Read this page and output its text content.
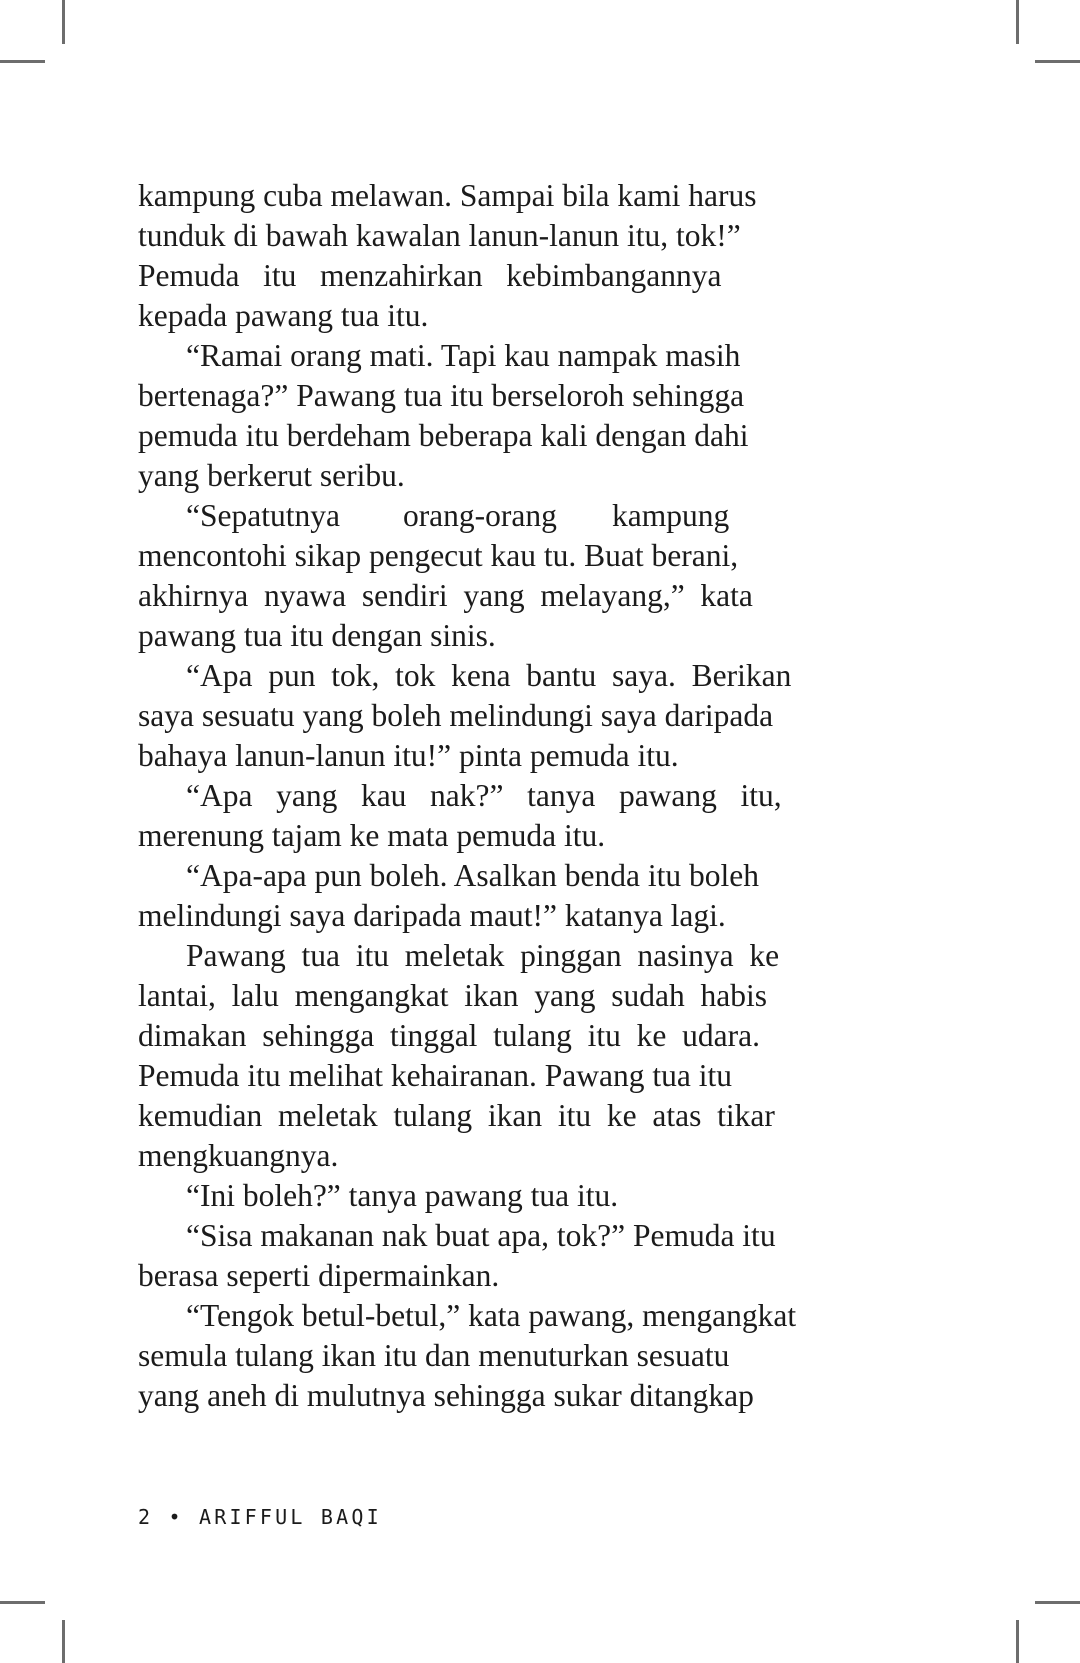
kampung cuba melawan. Sampai bila kami harus
tunduk di bawah kawalan lanun-lanun itu, tok!”
Pemuda   itu   menzahirkan   kebimbangannya
kepada pawang tua itu.
“Ramai orang mati. Tapi kau nampak masih
bertenaga?” Pawang tua itu berseloroh sehingga
pemuda itu berdeham beberapa kali dengan dahi
yang berkerut seribu.
“Sepatutnya        orang-orang       kampung
mencontohi sikap pengecut kau tu. Buat berani,
akhirnya  nyawa  sendiri  yang  melayang,”  kata
pawang tua itu dengan sinis.
“Apa  pun  tok,  tok  kena  bantu  saya.  Berikan
saya sesuatu yang boleh melindungi saya daripada
bahaya lanun-lanun itu!” pinta pemuda itu.
“Apa   yang   kau   nak?”   tanya   pawang   itu,
merenung tajam ke mata pemuda itu.
“Apa-apa pun boleh. Asalkan benda itu boleh
melindungi saya daripada maut!” katanya lagi.
Pawang  tua  itu  meletak  pinggan  nasinya  ke
lantai,  lalu  mengangkat  ikan  yang  sudah  habis
dimakan  sehingga  tinggal  tulang  itu  ke  udara.
Pemuda itu melihat kehairanan. Pawang tua itu
kemudian  meletak  tulang  ikan  itu  ke  atas  tikar
mengkuangnya.
“Ini boleh?” tanya pawang tua itu.
“Sisa makanan nak buat apa, tok?” Pemuda itu
berasa seperti dipermainkan.
“Tengok betul-betul,” kata pawang, mengangkat
semula tulang ikan itu dan menuturkan sesuatu
yang aneh di mulutnya sehingga sukar ditangkap
2 • ARIFFUL BAQI
